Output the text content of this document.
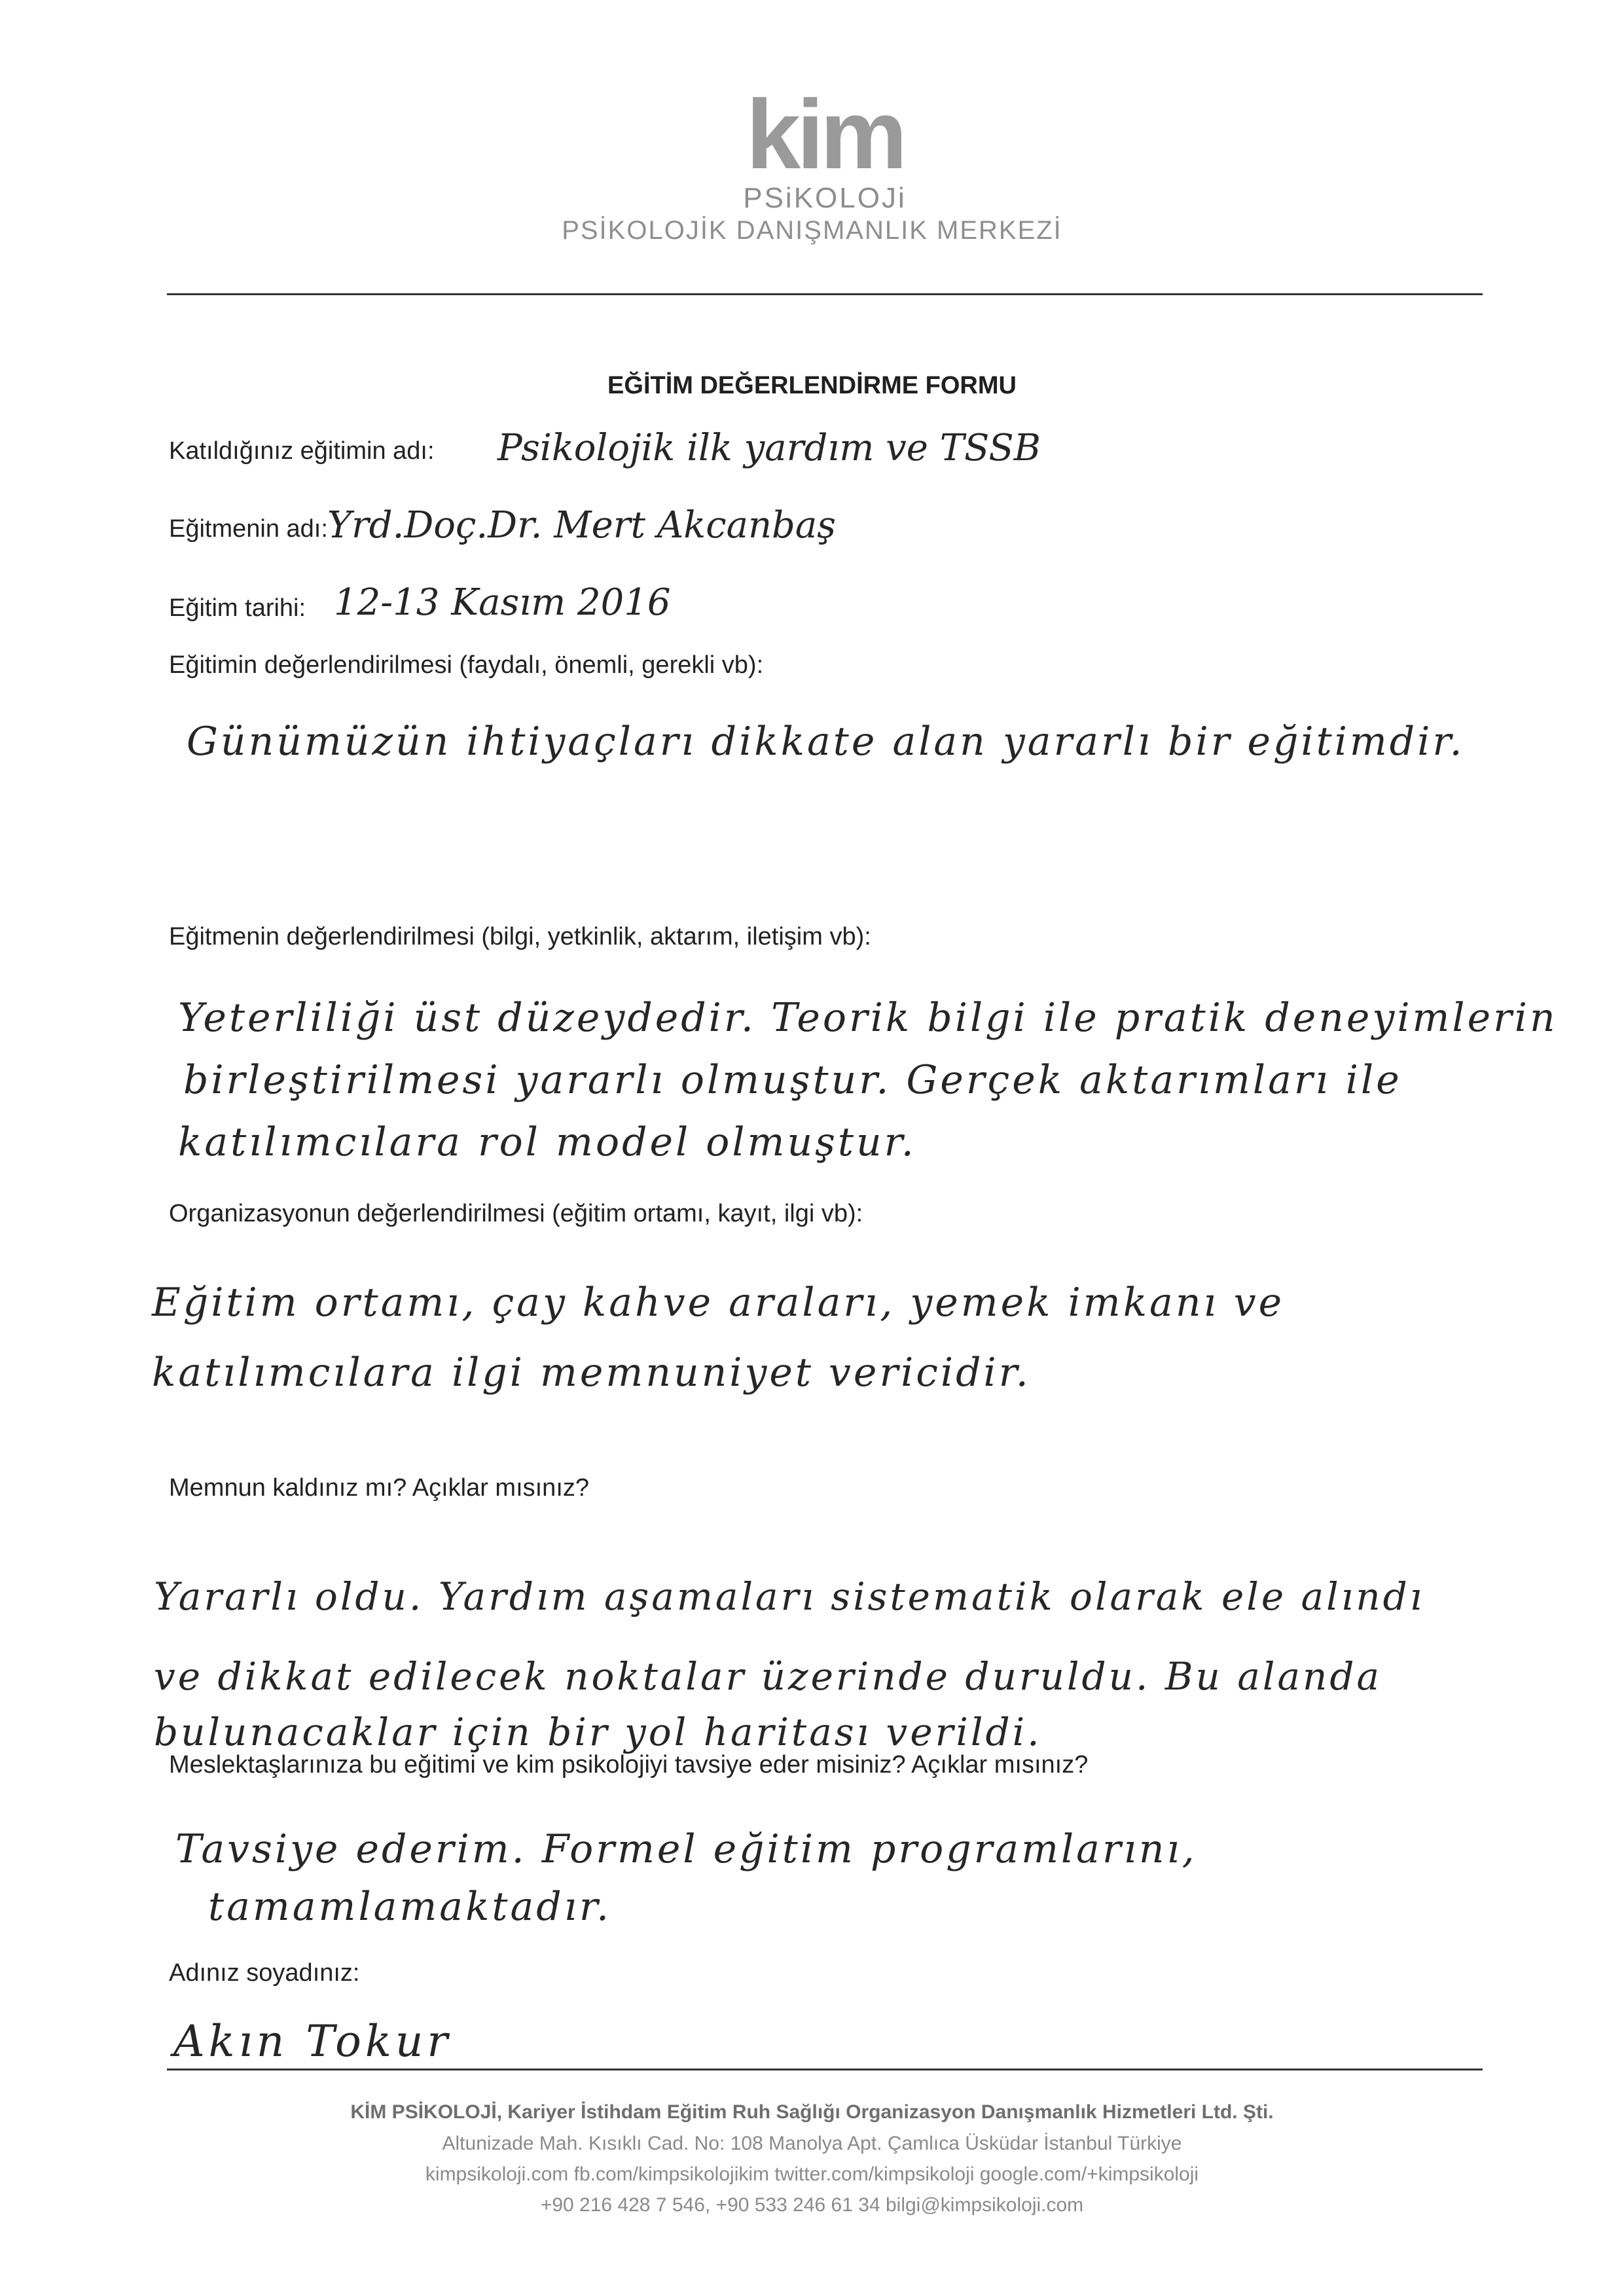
kim
PSiKOLOJi
PSİKOLOJİK DANIŞMANLIK MERKEZİ
EĞİTİM DEĞERLENDİRME FORMU
Katıldığınız eğitimin adı: Psikolojik ilk yardım ve TSSB
Eğitmenin adı: Yrd.Doç.Dr. Mert Akcanbaş
Eğitim tarihi: 12-13 Kasım 2016
Eğitimin değerlendirilmesi (faydalı, önemli, gerekli vb):
Günümüzün ihtiyaçları dikkate alan yararlı bir eğitimdir.
Eğitmenin değerlendirilmesi (bilgi, yetkinlik, aktarım, iletişim vb):
Yeterliliği üst düzeydedir. Teorik bilgi ile pratik deneyimlerin
birleştirilmesi yararlı olmuştur. Gerçek aktarımları ile
katılımcılara rol model olmuştur.
Organizasyonun değerlendirilmesi (eğitim ortamı, kayıt, ilgi vb):
Eğitim ortamı, çay kahve araları, yemek imkanı ve
katılımcılara ilgi memnuniyet vericidir.
Memnun kaldınız mı? Açıklar mısınız?
Yararlı oldu. Yardım aşamaları sistematik olarak ele alındı
ve dikkat edilecek noktalar üzerinde duruldu. Bu alanda
bulunacaklar için bir yol haritası verildi.
Meslektaşlarınıza bu eğitimi ve kim psikolojiyi tavsiye eder misiniz? Açıklar mısınız?
Tavsiye ederim. Formel eğitim programlarını,
tamamlamaktadır.
Adınız soyadınız:
Akın Tokur
KİM PSİKOLOJİ, Kariyer İstihdam Eğitim Ruh Sağlığı Organizasyon Danışmanlık Hizmetleri Ltd. Şti.
Altunizade Mah. Kısıklı Cad. No: 108 Manolya Apt. Çamlıca Üsküdar İstanbul Türkiye
kimpsikoloji.com fb.com/kimpsikolojikim twitter.com/kimpsikoloji google.com/+kimpsikoloji
+90 216 428 7 546, +90 533 246 61 34 bilgi@kimpsikoloji.com
